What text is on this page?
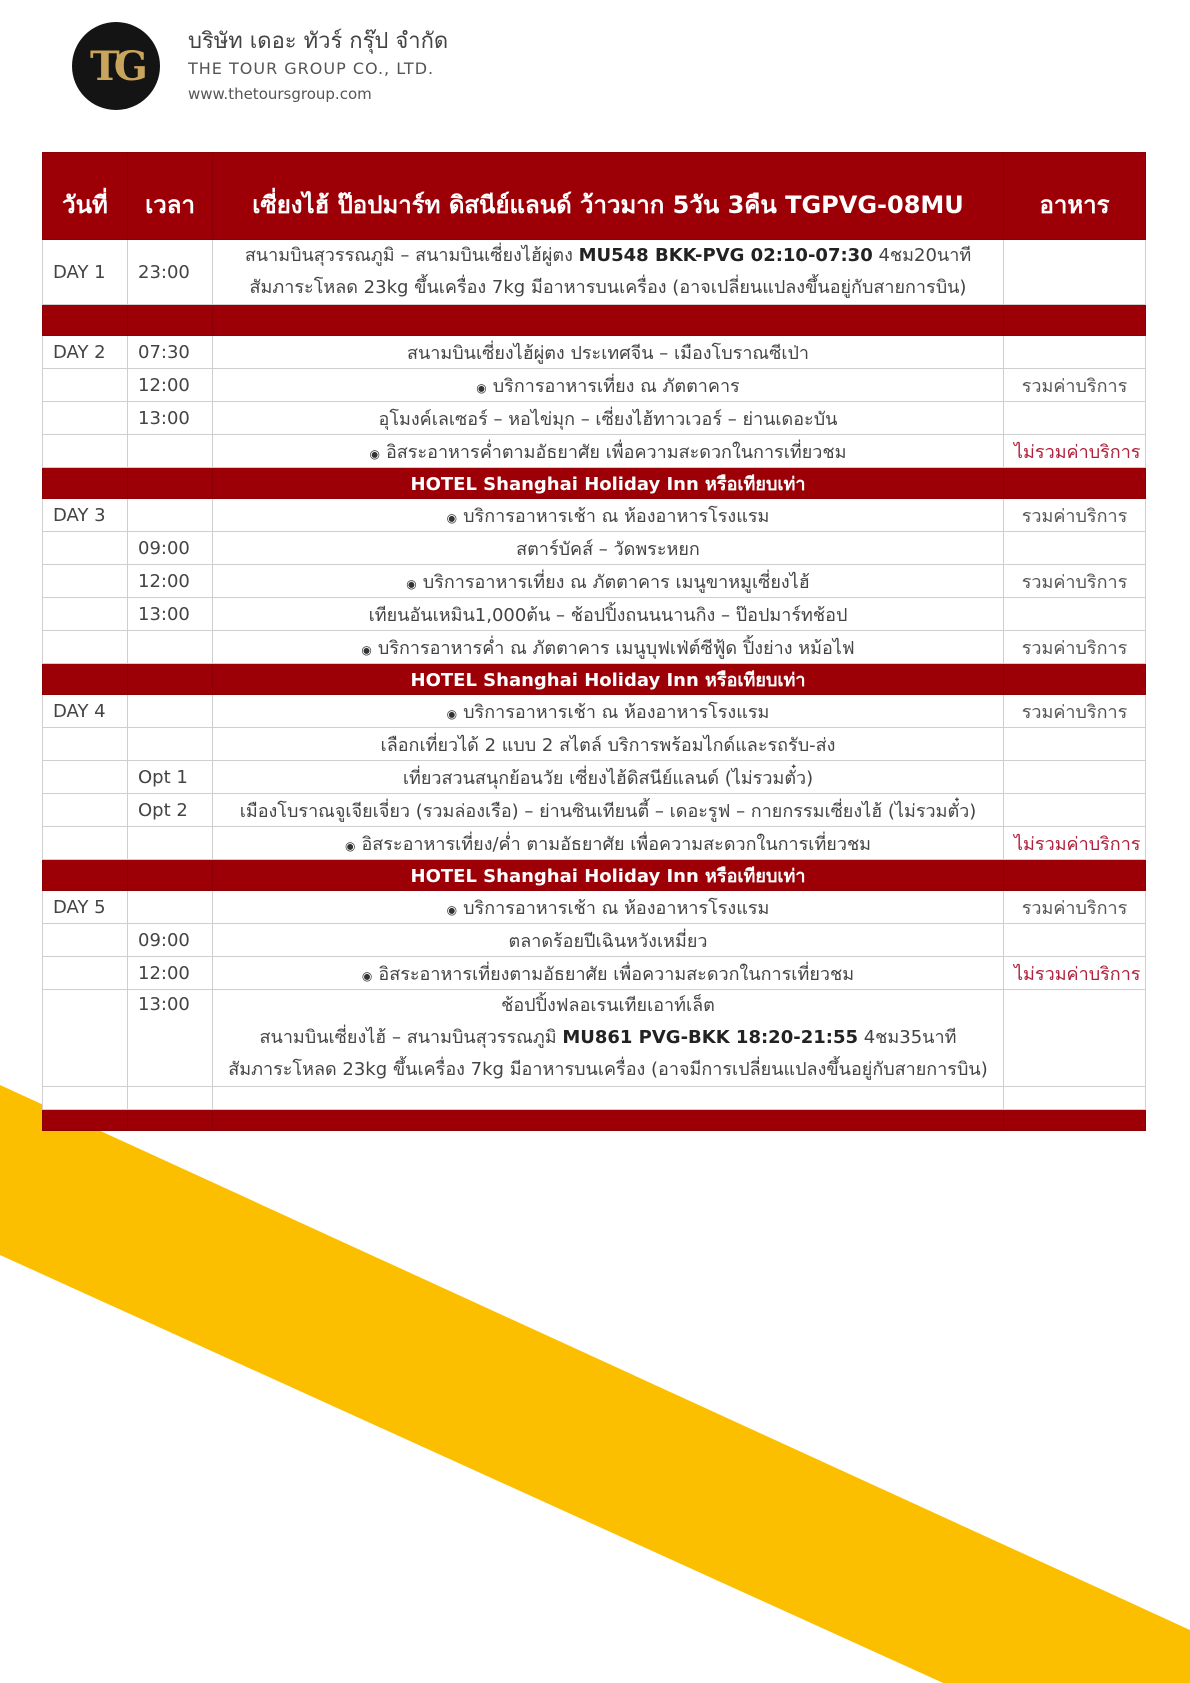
TG
บริษัท เดอะ ทัวร์ กรุ๊ป จำกัด
THE TOUR GROUP CO., LTD.
www.thetoursgroup.com
วันที่	เวลา	เซี่ยงไฮ้ ป๊อปมาร์ท ดิสนีย์แลนด์ ว้าวมาก 5วัน 3คืน TGPVG-08MU	อาหาร
DAY 1	23:00	สนามบินสุวรรณภูมิ – สนามบินเซี่ยงไฮ้ผู่ตง MU548 BKK-PVG 02:10-07:30 4ชม20นาที
สัมภาระโหลด 23kg ขึ้นเครื่อง 7kg มีอาหารบนเครื่อง (อาจเปลี่ยนแปลงขึ้นอยู่กับสายการบิน)	

DAY 2	07:30	สนามบินเซี่ยงไฮ้ผู่ตง ประเทศจีน – เมืองโบราณซีเป่า	
	12:00	◉ บริการอาหารเที่ยง ณ ภัตตาคาร	รวมค่าบริการ
	13:00	อุโมงค์เลเซอร์ – หอไข่มุก – เซี่ยงไฮ้ทาวเวอร์ – ย่านเดอะบัน	
		◉ อิสระอาหารค่ำตามอัธยาศัย เพื่อความสะดวกในการเที่ยวชม	ไม่รวมค่าบริการ
		HOTEL Shanghai Holiday Inn หรือเทียบเท่า	
DAY 3		◉ บริการอาหารเช้า ณ ห้องอาหารโรงแรม	รวมค่าบริการ
	09:00	สตาร์บัคส์ – วัดพระหยก	
	12:00	◉ บริการอาหารเที่ยง ณ ภัตตาคาร เมนูขาหมูเซี่ยงไฮ้	รวมค่าบริการ
	13:00	เทียนอันเหมิน1,000ต้น – ช้อปปิ้งถนนนานกิง – ป๊อปมาร์ทช้อป	
		◉ บริการอาหารค่ำ ณ ภัตตาคาร เมนูบุฟเฟ่ต์ซีฟู้ด ปิ้งย่าง หม้อไฟ	รวมค่าบริการ
		HOTEL Shanghai Holiday Inn หรือเทียบเท่า	
DAY 4		◉ บริการอาหารเช้า ณ ห้องอาหารโรงแรม	รวมค่าบริการ
		เลือกเที่ยวได้ 2 แบบ 2 สไตล์ บริการพร้อมไกด์และรถรับ-ส่ง	
	Opt 1	เที่ยวสวนสนุกย้อนวัย เซี่ยงไฮ้ดิสนีย์แลนด์ (ไม่รวมตั๋ว)	
	Opt 2	เมืองโบราณจูเจียเจี่ยว (รวมล่องเรือ) – ย่านซินเทียนตี้ – เดอะรูฟ – กายกรรมเซี่ยงไฮ้ (ไม่รวมตั๋ว)	
		◉ อิสระอาหารเที่ยง/ค่ำ ตามอัธยาศัย เพื่อความสะดวกในการเที่ยวชม	ไม่รวมค่าบริการ
		HOTEL Shanghai Holiday Inn หรือเทียบเท่า	
DAY 5		◉ บริการอาหารเช้า ณ ห้องอาหารโรงแรม	รวมค่าบริการ
	09:00	ตลาดร้อยปีเฉินหวังเหมี่ยว	
	12:00	◉ อิสระอาหารเที่ยงตามอัธยาศัย เพื่อความสะดวกในการเที่ยวชม	ไม่รวมค่าบริการ
	13:00	ช้อปปิ้งฟลอเรนเทียเอาท์เล็ต
สนามบินเซี่ยงไฮ้ – สนามบินสุวรรณภูมิ MU861 PVG-BKK 18:20-21:55 4ชม35นาที
สัมภาระโหลด 23kg ขึ้นเครื่อง 7kg มีอาหารบนเครื่อง (อาจมีการเปลี่ยนแปลงขึ้นอยู่กับสายการบิน)	
